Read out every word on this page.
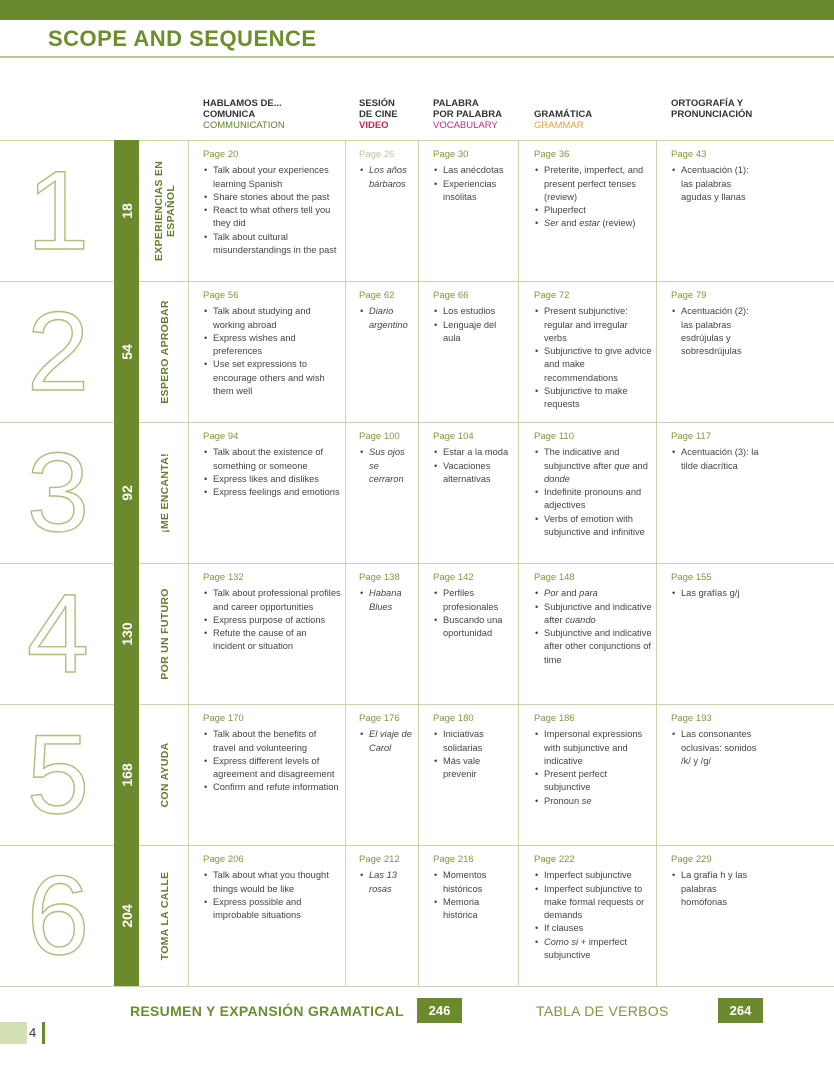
SCOPE AND SEQUENCE
HABLAMOS DE...
COMUNICA
COMMUNICATION
SESIÓN
DE CINE
VIDEO
PALABRA
POR PALABRA
VOCABULARY
GRAMÁTICA
GRAMMAR
ORTOGRAFÍA Y
PRONUNCIACIÓN
1	18 EXPERIENCIAS EN
ESPAÑOL
Page 20
• Talk about your experiences learning Spanish
• Share stories about the past
• React to what others tell you they did
• Talk about cultural misunderstandings in the past
Page 26
• Los años bárbaros
Page 30
• Las anécdotas
• Experiencias insólitas
Page 36
• Preterite, imperfect, and present perfect tenses (review)
• Pluperfect
• Ser and estar (review)
Page 43
• Acentuación (1): las palabras agudas y llanas
2	54 ESPERO APROBAR
Page 56
• Talk about studying and working abroad
• Express wishes and preferences
• Use set expressions to encourage others and wish them well
Page 62
• Diario argentino
Page 66
• Los estudios
• Lenguaje del aula
Page 72
• Present subjunctive: regular and irregular verbs
• Subjunctive to give advice and make recommendations
• Subjunctive to make requests
Page 79
• Acentuación (2): las palabras esdrújulas y sobresdrújulas
3	92 ¡ME ENCANTA!
Page 94
• Talk about the existence of something or someone
• Express likes and dislikes
• Express feelings and emotions
Page 100
• Sus ojos se cerraron
Page 104
• Estar a la moda
• Vacaciones alternativas
Page 110
• The indicative and subjunctive after que and donde
• Indefinite pronouns and adjectives
• Verbs of emotion with subjunctive and infinitive
Page 117
• Acentuación (3): la tilde diacrítica
4	130 POR UN FUTURO
Page 132
• Talk about professional profiles and career opportunities
• Express purpose of actions
• Refute the cause of an incident or situation
Page 138
• Habana Blues
Page 142
• Perfiles profesionales
• Buscando una oportunidad
Page 148
• Por and para
• Subjunctive and indicative after cuando
• Subjunctive and indicative after other conjunctions of time
Page 155
• Las grafías g/j
5	168 CON AYUDA
Page 170
• Talk about the benefits of travel and volunteering
• Express different levels of agreement and disagreement
• Confirm and refute information
Page 176
• El viaje de Carol
Page 180
• Iniciativas solidarias
• Más vale prevenir
Page 186
• Impersonal expressions with subjunctive and indicative
• Present perfect subjunctive
• Pronoun se
Page 193
• Las consonantes oclusivas: sonidos /k/ y /g/
6	204 TOMA LA CALLE
Page 206
• Talk about what you thought things would be like
• Express possible and improbable situations
Page 212
• Las 13 rosas
Page 216
• Momentos históricos
• Memoria histórica
Page 222
• Imperfect subjunctive
• Imperfect subjunctive to make formal requests or demands
• If clauses
• Como si + imperfect subjunctive
Page 229
• La grafía h y las palabras homófonas
RESUMEN Y EXPANSIÓN GRAMATICAL	246	TABLA DE VERBOS	264
4
